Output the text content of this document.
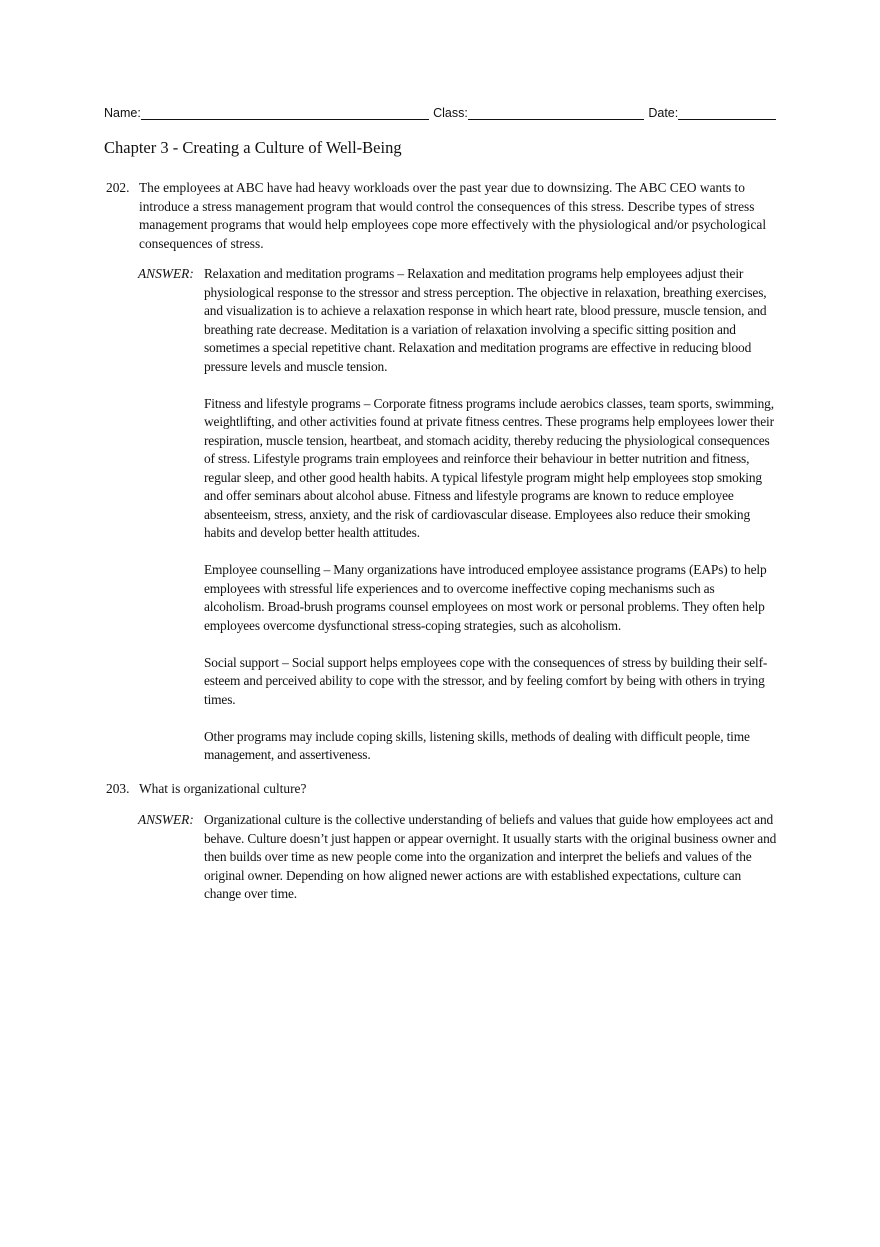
Name:	Class:	Date:
Chapter 3 - Creating a Culture of Well-Being
202. The employees at ABC have had heavy workloads over the past year due to downsizing. The ABC CEO wants to introduce a stress management program that would control the consequences of this stress. Describe types of stress management programs that would help employees cope more effectively with the physiological and/or psychological consequences of stress.
ANSWER: Relaxation and meditation programs – Relaxation and meditation programs help employees adjust their physiological response to the stressor and stress perception. The objective in relaxation, breathing exercises, and visualization is to achieve a relaxation response in which heart rate, blood pressure, muscle tension, and breathing rate decrease. Meditation is a variation of relaxation involving a specific sitting position and sometimes a special repetitive chant. Relaxation and meditation programs are effective in reducing blood pressure levels and muscle tension.

Fitness and lifestyle programs – Corporate fitness programs include aerobics classes, team sports, swimming, weightlifting, and other activities found at private fitness centres. These programs help employees lower their respiration, muscle tension, heartbeat, and stomach acidity, thereby reducing the physiological consequences of stress. Lifestyle programs train employees and reinforce their behaviour in better nutrition and fitness, regular sleep, and other good health habits. A typical lifestyle program might help employees stop smoking and offer seminars about alcohol abuse. Fitness and lifestyle programs are known to reduce employee absenteeism, stress, anxiety, and the risk of cardiovascular disease. Employees also reduce their smoking habits and develop better health attitudes.

Employee counselling – Many organizations have introduced employee assistance programs (EAPs) to help employees with stressful life experiences and to overcome ineffective coping mechanisms such as alcoholism. Broad-brush programs counsel employees on most work or personal problems. They often help employees overcome dysfunctional stress-coping strategies, such as alcoholism.

Social support – Social support helps employees cope with the consequences of stress by building their self-esteem and perceived ability to cope with the stressor, and by feeling comfort by being with others in trying times.

Other programs may include coping skills, listening skills, methods of dealing with difficult people, time management, and assertiveness.

203. What is organizational culture?
ANSWER: Organizational culture is the collective understanding of beliefs and values that guide how employees act and behave. Culture doesn’t just happen or appear overnight. It usually starts with the original business owner and then builds over time as new people come into the organization and interpret the beliefs and values of the original owner. Depending on how aligned newer actions are with established expectations, culture can change over time.
